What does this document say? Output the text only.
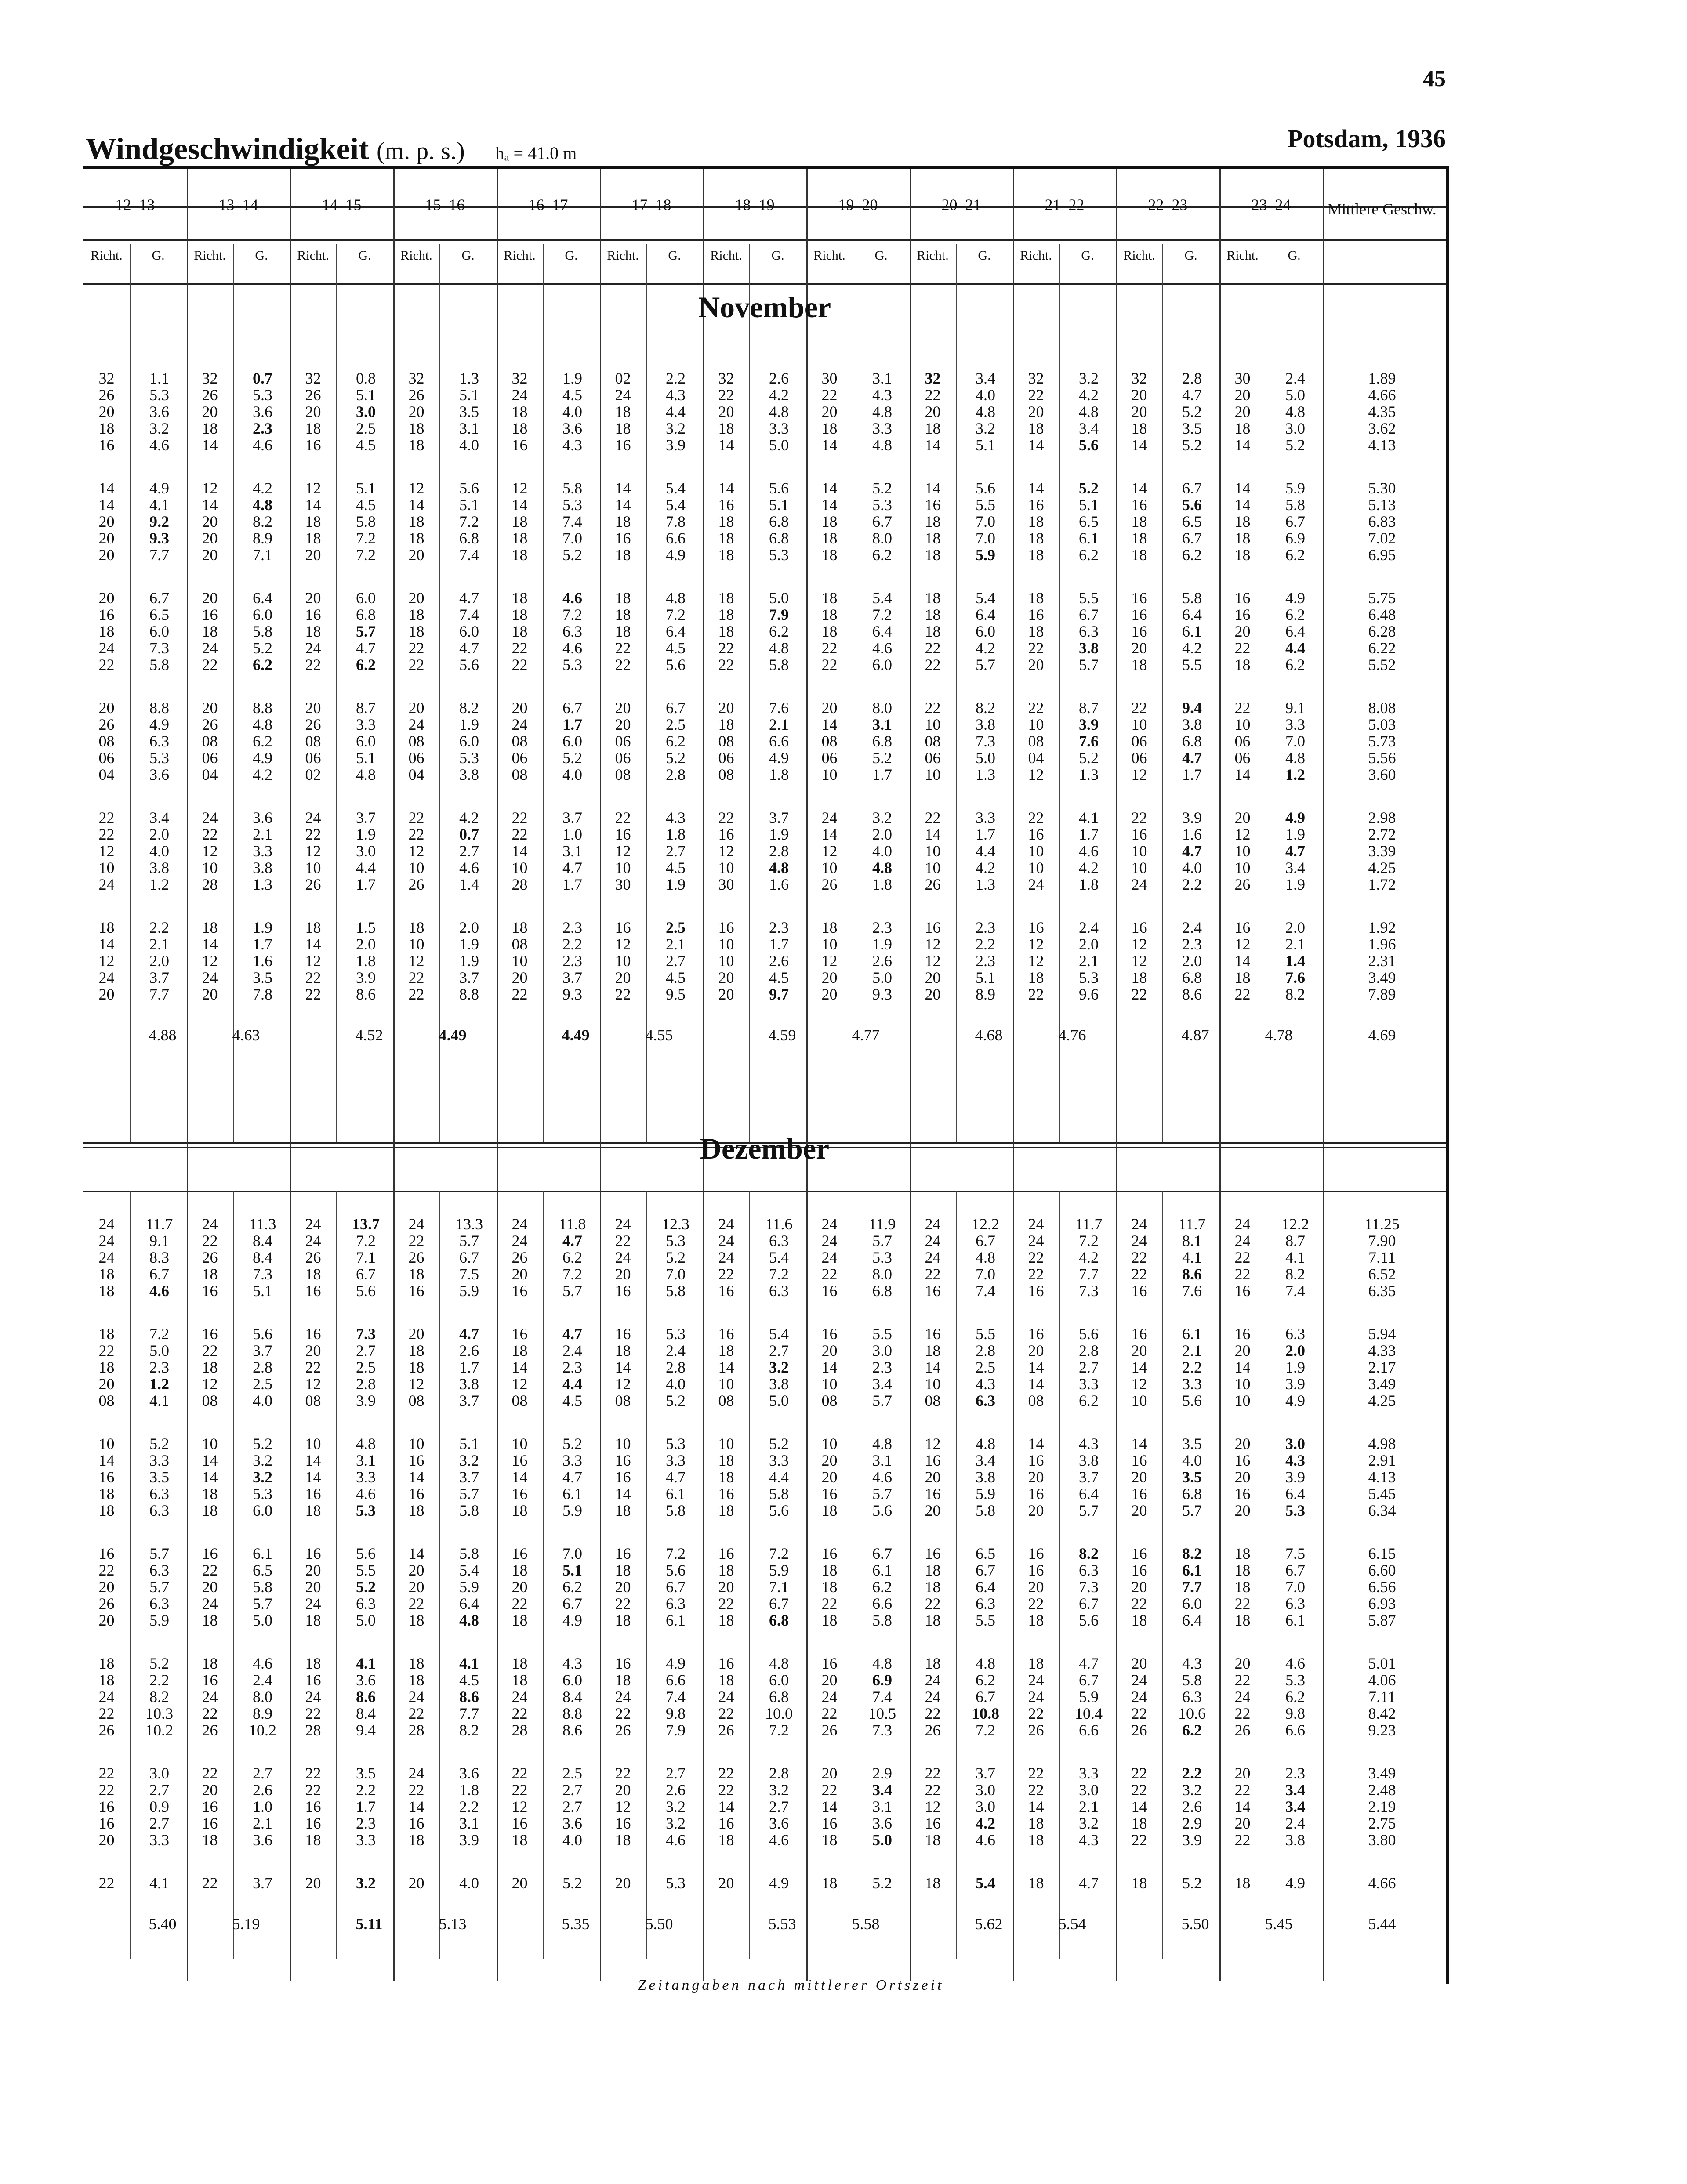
45
Windgeschwindigkeit (m. p. s.) hₐ = 41.0 m
Potsdam, 1936
12–13
Richt.	G.
13–14
Richt.	G.
14–15
Richt.	G.
15–16
Richt.	G.
16–17
Richt.	G.
17–18
Richt.	G.
18–19
Richt.	G.
19–20
Richt.	G.
20–21
Richt.	G.
21–22
Richt.	G.
22–23
Richt.	G.
23–24
Richt.	G.
November
32	1.1	32	0.7	32	0.8	32	1.3	32	1.9	02	2.2	32	2.6	30	3.1	32	3.4	32	3.2	32	2.8	30	2.4	1.89
26	5.3	26	5.3	26	5.1	26	5.1	24	4.5	24	4.3	22	4.2	22	4.3	22	4.0	22	4.2	20	4.7	20	5.0	4.66
20	3.6	20	3.6	20	3.0	20	3.5	18	4.0	18	4.4	20	4.8	20	4.8	20	4.8	20	4.8	20	5.2	20	4.8	4.35
18	3.2	18	2.3	18	2.5	18	3.1	18	3.6	18	3.2	18	3.3	18	3.3	18	3.2	18	3.4	18	3.5	18	3.0	3.62
16	4.6	14	4.6	16	4.5	18	4.0	16	4.3	16	3.9	14	5.0	14	4.8	14	5.1	14	5.6	14	5.2	14	5.2	4.13
14	4.9	12	4.2	12	5.1	12	5.6	12	5.8	14	5.4	14	5.6	14	5.2	14	5.6	14	5.2	14	6.7	14	5.9	5.30
14	4.1	14	4.8	14	4.5	14	5.1	14	5.3	14	5.4	16	5.1	14	5.3	16	5.5	16	5.1	16	5.6	14	5.8	5.13
20	9.2	20	8.2	18	5.8	18	7.2	18	7.4	18	7.8	18	6.8	18	6.7	18	7.0	18	6.5	18	6.5	18	6.7	6.83
20	9.3	20	8.9	18	7.2	18	6.8	18	7.0	16	6.6	18	6.8	18	8.0	18	7.0	18	6.1	18	6.7	18	6.9	7.02
20	7.7	20	7.1	20	7.2	20	7.4	18	5.2	18	4.9	18	5.3	18	6.2	18	5.9	18	6.2	18	6.2	18	6.2	6.95
20	6.7	20	6.4	20	6.0	20	4.7	18	4.6	18	4.8	18	5.0	18	5.4	18	5.4	18	5.5	16	5.8	16	4.9	5.75
16	6.5	16	6.0	16	6.8	18	7.4	18	7.2	18	7.2	18	7.9	18	7.2	18	6.4	16	6.7	16	6.4	16	6.2	6.48
18	6.0	18	5.8	18	5.7	18	6.0	18	6.3	18	6.4	18	6.2	18	6.4	18	6.0	18	6.3	16	6.1	20	6.4	6.28
24	7.3	24	5.2	24	4.7	22	4.7	22	4.6	22	4.5	22	4.8	22	4.6	22	4.2	22	3.8	20	4.2	22	4.4	6.22
22	5.8	22	6.2	22	6.2	22	5.6	22	5.3	22	5.6	22	5.8	22	6.0	22	5.7	20	5.7	18	5.5	18	6.2	5.52
20	8.8	20	8.8	20	8.7	20	8.2	20	6.7	20	6.7	20	7.6	20	8.0	22	8.2	22	8.7	22	9.4	22	9.1	8.08
26	4.9	26	4.8	26	3.3	24	1.9	24	1.7	20	2.5	18	2.1	14	3.1	10	3.8	10	3.9	10	3.8	10	3.3	5.03
08	6.3	08	6.2	08	6.0	08	6.0	08	6.0	06	6.2	08	6.6	08	6.8	08	7.3	08	7.6	06	6.8	06	7.0	5.73
06	5.3	06	4.9	06	5.1	06	5.3	06	5.2	06	5.2	06	4.9	06	5.2	06	5.0	04	5.2	06	4.7	06	4.8	5.56
04	3.6	04	4.2	02	4.8	04	3.8	08	4.0	08	2.8	08	1.8	10	1.7	10	1.3	12	1.3	12	1.7	14	1.2	3.60
22	3.4	24	3.6	24	3.7	22	4.2	22	3.7	22	4.3	22	3.7	24	3.2	22	3.3	22	4.1	22	3.9	20	4.9	2.98
22	2.0	22	2.1	22	1.9	22	0.7	22	1.0	16	1.8	16	1.9	14	2.0	14	1.7	16	1.7	16	1.6	12	1.9	2.72
12	4.0	12	3.3	12	3.0	12	2.7	14	3.1	12	2.7	12	2.8	12	4.0	10	4.4	10	4.6	10	4.7	10	4.7	3.39
10	3.8	10	3.8	10	4.4	10	4.6	10	4.7	10	4.5	10	4.8	10	4.8	10	4.2	10	4.2	10	4.0	10	3.4	4.25
24	1.2	28	1.3	26	1.7	26	1.4	28	1.7	30	1.9	30	1.6	26	1.8	26	1.3	24	1.8	24	2.2	26	1.9	1.72
18	2.2	18	1.9	18	1.5	18	2.0	18	2.3	16	2.5	16	2.3	18	2.3	16	2.3	16	2.4	16	2.4	16	2.0	1.92
14	2.1	14	1.7	14	2.0	10	1.9	08	2.2	12	2.1	10	1.7	10	1.9	12	2.2	12	2.0	12	2.3	12	2.1	1.96
12	2.0	12	1.6	12	1.8	12	1.9	10	2.3	10	2.7	10	2.6	12	2.6	12	2.3	12	2.1	12	2.0	14	1.4	2.31
24	3.7	24	3.5	22	3.9	22	3.7	20	3.7	20	4.5	20	4.5	20	5.0	20	5.1	18	5.3	18	6.8	18	7.6	3.49
20	7.7	20	7.8	22	8.6	22	8.8	22	9.3	22	9.5	20	9.7	20	9.3	20	8.9	22	9.6	22	8.6	22	8.2	7.89
4.88	4.63	4.52	4.49	4.49	4.55	4.59	4.77	4.68	4.76	4.87	4.78	4.69
Dezember
24	11.7	24	11.3	24	13.7	24	13.3	24	11.8	24	12.3	24	11.6	24	11.9	24	12.2	24	11.7	24	11.7	24	12.2	11.25
24	9.1	22	8.4	24	7.2	22	5.7	24	4.7	22	5.3	24	6.3	24	5.7	24	6.7	24	7.2	24	8.1	24	8.7	7.90
24	8.3	26	8.4	26	7.1	26	6.7	26	6.2	24	5.2	24	5.4	24	5.3	24	4.8	22	4.2	22	4.1	22	4.1	7.11
18	6.7	18	7.3	18	6.7	18	7.5	20	7.2	20	7.0	22	7.2	22	8.0	22	7.0	22	7.7	22	8.6	22	8.2	6.52
18	4.6	16	5.1	16	5.6	16	5.9	16	5.7	16	5.8	16	6.3	16	6.8	16	7.4	16	7.3	16	7.6	16	7.4	6.35
18	7.2	16	5.6	16	7.3	20	4.7	16	4.7	16	5.3	16	5.4	16	5.5	16	5.5	16	5.6	16	6.1	16	6.3	5.94
22	5.0	22	3.7	20	2.7	18	2.6	18	2.4	18	2.4	18	2.7	20	3.0	18	2.8	20	2.8	20	2.1	20	2.0	4.33
18	2.3	18	2.8	22	2.5	18	1.7	14	2.3	14	2.8	14	3.2	14	2.3	14	2.5	14	2.7	14	2.2	14	1.9	2.17
20	1.2	12	2.5	12	2.8	12	3.8	12	4.4	12	4.0	10	3.8	10	3.4	10	4.3	14	3.3	12	3.3	10	3.9	3.49
08	4.1	08	4.0	08	3.9	08	3.7	08	4.5	08	5.2	08	5.0	08	5.7	08	6.3	08	6.2	10	5.6	10	4.9	4.25
10	5.2	10	5.2	10	4.8	10	5.1	10	5.2	10	5.3	10	5.2	10	4.8	12	4.8	14	4.3	14	3.5	20	3.0	4.98
14	3.3	14	3.2	14	3.1	16	3.2	16	3.3	16	3.3	18	3.3	20	3.1	16	3.4	16	3.8	16	4.0	16	4.3	2.91
16	3.5	14	3.2	14	3.3	14	3.7	14	4.7	16	4.7	18	4.4	20	4.6	20	3.8	20	3.7	20	3.5	20	3.9	4.13
18	6.3	18	5.3	16	4.6	16	5.7	16	6.1	14	6.1	16	5.8	16	5.7	16	5.9	16	6.4	16	6.8	16	6.4	5.45
18	6.3	18	6.0	18	5.3	18	5.8	18	5.9	18	5.8	18	5.6	18	5.6	20	5.8	20	5.7	20	5.7	20	5.3	6.34
16	5.7	16	6.1	16	5.6	14	5.8	16	7.0	16	7.2	16	7.2	16	6.7	16	6.5	16	8.2	16	8.2	18	7.5	6.15
22	6.3	22	6.5	20	5.5	20	5.4	18	5.1	18	5.6	18	5.9	18	6.1	18	6.7	16	6.3	16	6.1	18	6.7	6.60
20	5.7	20	5.8	20	5.2	20	5.9	20	6.2	20	6.7	20	7.1	18	6.2	18	6.4	20	7.3	20	7.7	18	7.0	6.56
26	6.3	24	5.7	24	6.3	22	6.4	22	6.7	22	6.3	22	6.7	22	6.6	22	6.3	22	6.7	22	6.0	22	6.3	6.93
20	5.9	18	5.0	18	5.0	18	4.8	18	4.9	18	6.1	18	6.8	18	5.8	18	5.5	18	5.6	18	6.4	18	6.1	5.87
18	5.2	18	4.6	18	4.1	18	4.1	18	4.3	16	4.9	16	4.8	16	4.8	18	4.8	18	4.7	20	4.3	20	4.6	5.01
18	2.2	16	2.4	16	3.6	18	4.5	18	6.0	18	6.6	18	6.0	20	6.9	24	6.2	24	6.7	24	5.8	22	5.3	4.06
24	8.2	24	8.0	24	8.6	24	8.6	24	8.4	24	7.4	24	6.8	24	7.4	24	6.7	24	5.9	24	6.3	24	6.2	7.11
22	10.3	22	8.9	22	8.4	22	7.7	22	8.8	22	9.8	22	10.0	22	10.5	22	10.8	22	10.4	22	10.6	22	9.8	8.42
26	10.2	26	10.2	28	9.4	28	8.2	28	8.6	26	7.9	26	7.2	26	7.3	26	7.2	26	6.6	26	6.2	26	6.6	9.23
22	3.0	22	2.7	22	3.5	24	3.6	22	2.5	22	2.7	22	2.8	20	2.9	22	3.7	22	3.3	22	2.2	20	2.3	3.49
22	2.7	20	2.6	22	2.2	22	1.8	22	2.7	20	2.6	22	3.2	22	3.4	22	3.0	22	3.0	22	3.2	22	3.4	2.48
16	0.9	16	1.0	16	1.7	14	2.2	12	2.7	12	3.2	14	2.7	14	3.1	12	3.0	14	2.1	14	2.6	14	3.4	2.19
16	2.7	16	2.1	16	2.3	16	3.1	16	3.6	16	3.2	16	3.6	16	3.6	16	4.2	18	3.2	18	2.9	20	2.4	2.75
20	3.3	18	3.6	18	3.3	18	3.9	18	4.0	18	4.6	18	4.6	18	5.0	18	4.6	18	4.3	22	3.9	22	3.8	3.80
22	4.1	22	3.7	20	3.2	20	4.0	20	5.2	20	5.3	20	4.9	18	5.2	18	5.4	18	4.7	18	5.2	18	4.9	4.66
5.40	5.19	5.11	5.13	5.35	5.50	5.53	5.58	5.62	5.54	5.50	5.45	5.44
Mittlere Geschw.
Zeitangaben nach mittlerer Ortszeit
